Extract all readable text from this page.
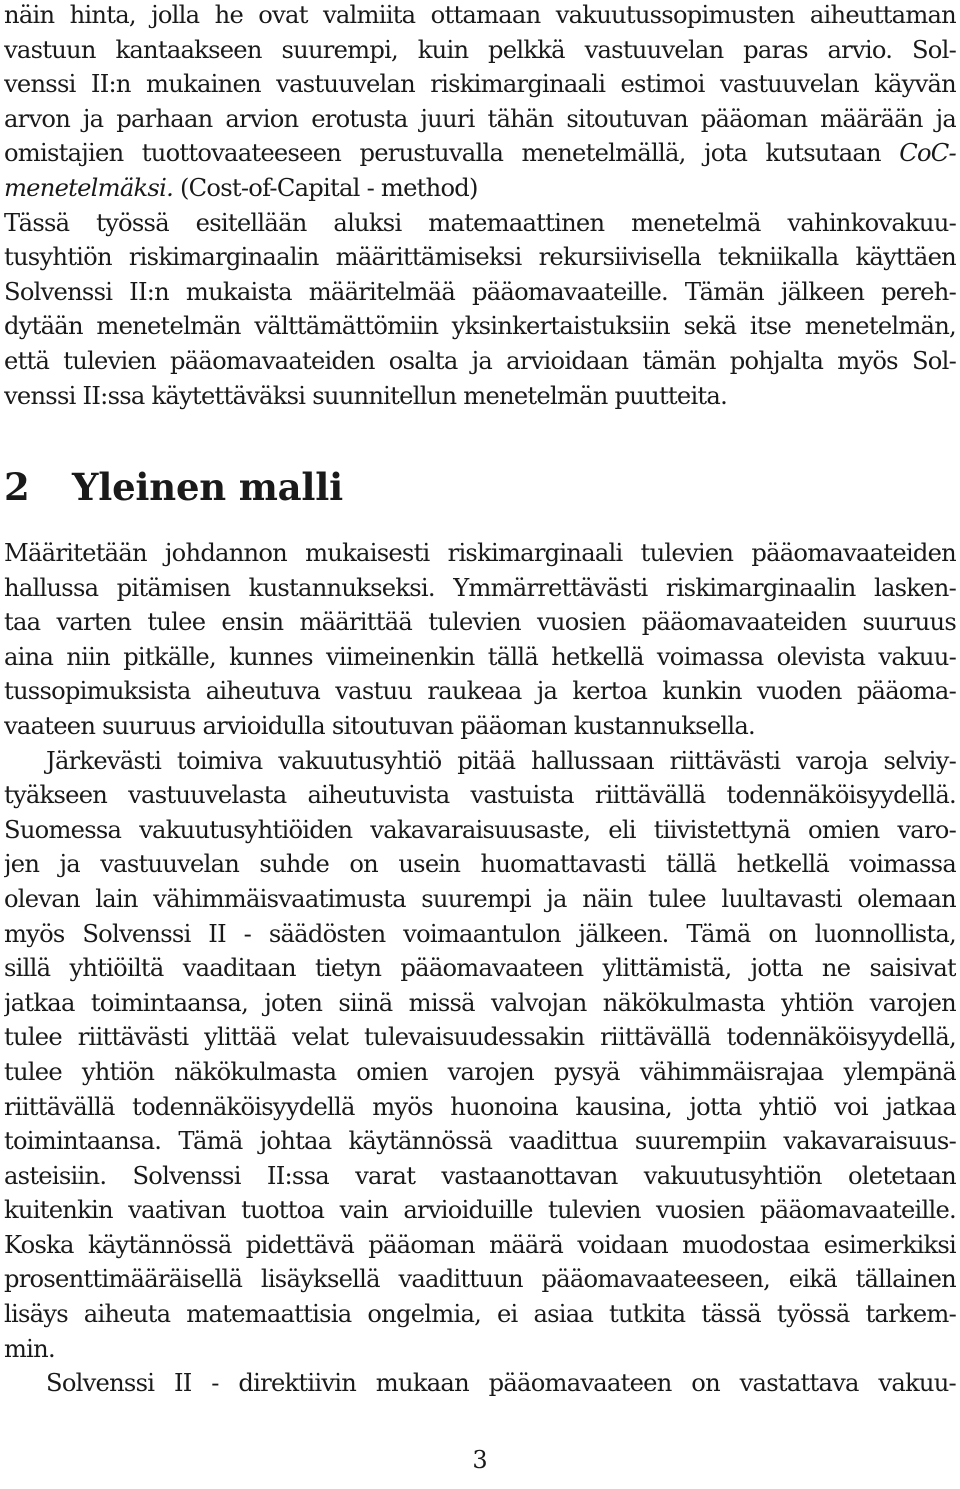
näin hinta, jolla he ovat valmiita ottamaan vakuutussopimusten aiheuttaman
vastuun kantaakseen suurempi, kuin pelkkä vastuuvelan paras arvio. Sol-
venssi II:n mukainen vastuuvelan riskimarginaali estimoi vastuuvelan käyvän
arvon ja parhaan arvion erotusta juuri tähän sitoutuvan pääoman määrään ja
omistajien tuottovaateeseen perustuvalla menetelmällä, jota kutsutaan CoC-
menetelmäksi. (Cost-of-Capital - method)
Tässä työssä esitellään aluksi matemaattinen menetelmä vahinkovakuu-
tusyhtiön riskimarginaalin määrittämiseksi rekursiivisella tekniikalla käyttäen
Solvenssi II:n mukaista määritelmää pääomavaateille. Tämän jälkeen pereh-
dytään menetelmän välttämättömiin yksinkertaistuksiin sekä itse menetelmän,
että tulevien pääomavaateiden osalta ja arvioidaan tämän pohjalta myös Sol-
venssi II:ssa käytettäväksi suunnitellun menetelmän puutteita.
2 Yleinen malli
Määritetään johdannon mukaisesti riskimarginaali tulevien pääomavaateiden
hallussa pitämisen kustannukseksi. Ymmärrettävästi riskimarginaalin lasken-
taa varten tulee ensin määrittää tulevien vuosien pääomavaateiden suuruus
aina niin pitkälle, kunnes viimeinenkin tällä hetkellä voimassa olevista vakuu-
tussopimuksista aiheutuva vastuu raukeaa ja kertoa kunkin vuoden pääoma-
vaateen suuruus arvioidulla sitoutuvan pääoman kustannuksella.
Järkevästi toimiva vakuutusyhtiö pitää hallussaan riittävästi varoja selviy-
tyäkseen vastuuvelasta aiheutuvista vastuista riittävällä todennäköisyydellä.
Suomessa vakuutusyhtiöiden vakavaraisuusaste, eli tiivistettynä omien varo-
jen ja vastuuvelan suhde on usein huomattavasti tällä hetkellä voimassa
olevan lain vähimmäisvaatimusta suurempi ja näin tulee luultavasti olemaan
myös Solvenssi II - säädösten voimaantulon jälkeen. Tämä on luonnollista,
sillä yhtiöiltä vaaditaan tietyn pääomavaateen ylittämistä, jotta ne saisivat
jatkaa toimintaansa, joten siinä missä valvojan näkökulmasta yhtiön varojen
tulee riittävästi ylittää velat tulevaisuudessakin riittävällä todennäköisyydellä,
tulee yhtiön näkökulmasta omien varojen pysyä vähimmäisrajaa ylempänä
riittävällä todennäköisyydellä myös huonoina kausina, jotta yhtiö voi jatkaa
toimintaansa. Tämä johtaa käytännössä vaadittua suurempiin vakavaraisuus-
asteisiin. Solvenssi II:ssa varat vastaanottavan vakuutusyhtiön oletetaan
kuitenkin vaativan tuottoa vain arvioiduille tulevien vuosien pääomavaateille.
Koska käytännössä pidettävä pääoman määrä voidaan muodostaa esimerkiksi
prosenttimääräisellä lisäyksellä vaadittuun pääomavaateeseen, eikä tällainen
lisäys aiheuta matemaattisia ongelmia, ei asiaa tutkita tässä työssä tarkem-
min.
Solvenssi II - direktiivin mukaan pääomavaateen on vastattava vakuu-
3
